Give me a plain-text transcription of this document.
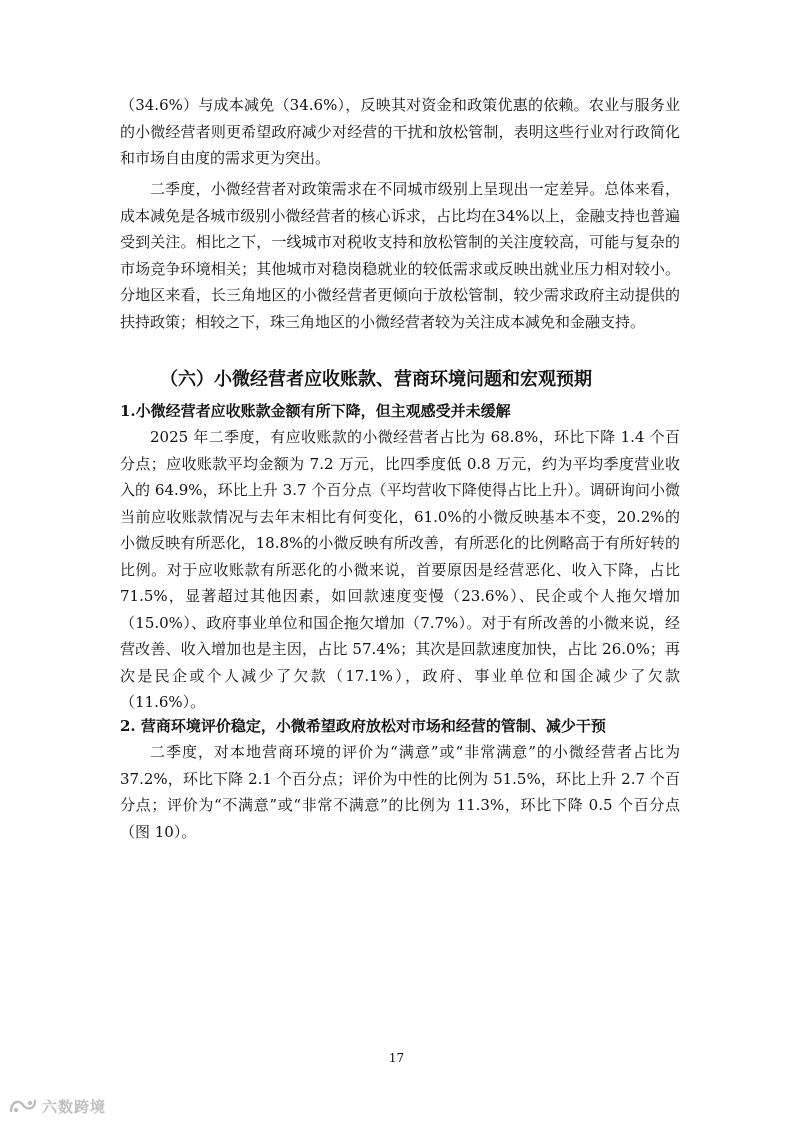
（34.6%）与成本减免（34.6%），反映其对资金和政策优惠的依赖。农业与服务业的小微经营者则更希望政府减少对经营的干扰和放松管制，表明这些行业对行政简化和市场自由度的需求更为突出。

二季度，小微经营者对政策需求在不同城市级别上呈现出一定差异。总体来看，成本减免是各城市级别小微经营者的核心诉求，占比均在34%以上，金融支持也普遍受到关注。相比之下，一线城市对税收支持和放松管制的关注度较高，可能与复杂的市场竞争环境相关；其他城市对稳岗稳就业的较低需求或反映出就业压力相对较小。分地区来看，长三角地区的小微经营者更倾向于放松管制，较少需求政府主动提供的扶持政策；相较之下，珠三角地区的小微经营者较为关注成本减免和金融支持。

（六）小微经营者应收账款、营商环境问题和宏观预期
1.小微经营者应收账款金额有所下降，但主观感受并未缓解

2025 年二季度，有应收账款的小微经营者占比为 68.8%，环比下降 1.4 个百分点；应收账款平均金额为 7.2 万元，比四季度低 0.8 万元，约为平均季度营业收入的 64.9%，环比上升 3.7 个百分点（平均营收下降使得占比上升）。调研询问小微当前应收账款情况与去年末相比有何变化，61.0%的小微反映基本不变，20.2%的小微反映有所恶化，18.8%的小微反映有所改善，有所恶化的比例略高于有所好转的比例。对于应收账款有所恶化的小微来说，首要原因是经营恶化、收入下降，占比 71.5%，显著超过其他因素，如回款速度变慢（23.6%）、民企或个人拖欠增加（15.0%）、政府事业单位和国企拖欠增加（7.7%）。对于有所改善的小微来说，经营改善、收入增加也是主因，占比 57.4%；其次是回款速度加快，占比 26.0%；再次是民企或个人减少了欠款（17.1%），政府、事业单位和国企减少了欠款（11.6%）。

2. 营商环境评价稳定，小微希望政府放松对市场和经营的管制、减少干预

二季度，对本地营商环境的评价为“满意”或“非常满意”的小微经营者占比为 37.2%，环比下降 2.1 个百分点；评价为中性的比例为 51.5%，环比上升 2.7 个百分点；评价为“不满意”或“非常不满意”的比例为 11.3%，环比下降 0.5 个百分点（图 10）。

17
六数跨境
